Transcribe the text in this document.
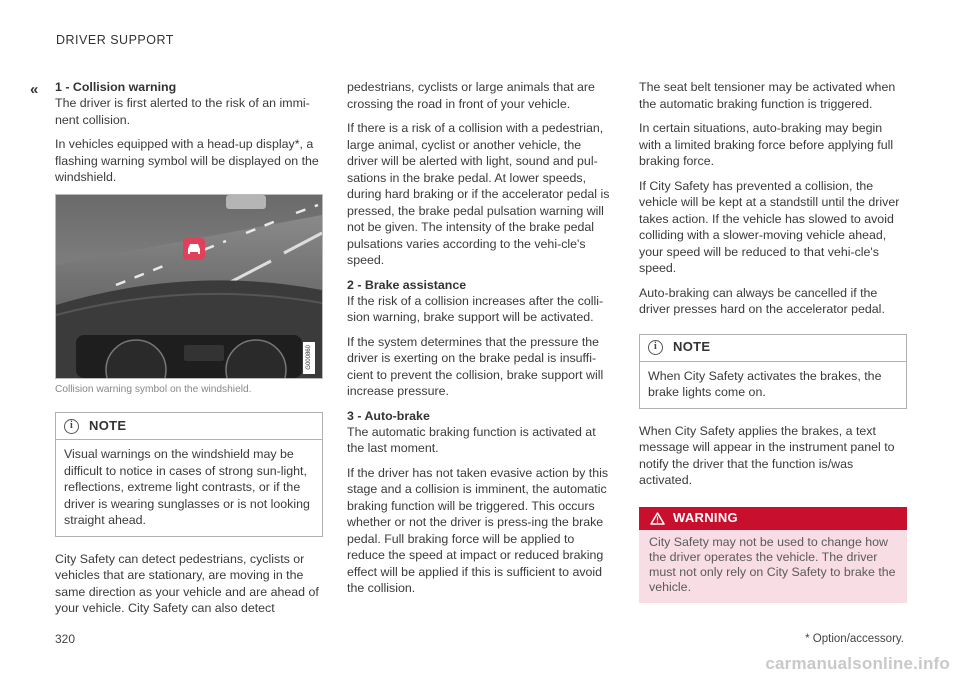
DRIVER SUPPORT
« 1 - Collision warning

The driver is first alerted to the risk of an immi-nent collision.

In vehicles equipped with a head-up display*, a flashing warning symbol will be displayed on the windshield.

G000860
Collision warning symbol on the windshield.
i	NOTE
Visual warnings on the windshield may be difficult to notice in cases of strong sun-light, reflections, extreme light contrasts, or if the driver is wearing sunglasses or is not looking straight ahead.

City Safety can detect pedestrians, cyclists or vehicles that are stationary, are moving in the same direction as your vehicle and are ahead of your vehicle. City Safety can also detect

pedestrians, cyclists or large animals that are crossing the road in front of your vehicle.

If there is a risk of a collision with a pedestrian, large animal, cyclist or another vehicle, the driver will be alerted with light, sound and pul-sations in the brake pedal. At lower speeds, during hard braking or if the accelerator pedal is pressed, the brake pedal pulsation warning will not be given. The intensity of the brake pedal pulsations varies according to the vehi-cle's speed.

2 - Brake assistance

If the risk of a collision increases after the colli-sion warning, brake support will be activated.

If the system determines that the pressure the driver is exerting on the brake pedal is insuffi-cient to prevent the collision, brake support will increase pressure.

3 - Auto-brake

The automatic braking function is activated at the last moment.

If the driver has not taken evasive action by this stage and a collision is imminent, the automatic braking function will be triggered. This occurs whether or not the driver is press-ing the brake pedal. Full braking force will be applied to reduce the speed at impact or reduced braking effect will be applied if this is sufficient to avoid the collision.

The seat belt tensioner may be activated when the automatic braking function is triggered.

In certain situations, auto-braking may begin with a limited braking force before applying full braking force.

If City Safety has prevented a collision, the vehicle will be kept at a standstill until the driver takes action. If the vehicle has slowed to avoid colliding with a slower-moving vehicle ahead, your speed will be reduced to that vehi-cle's speed.

Auto-braking can always be cancelled if the driver presses hard on the accelerator pedal.

i	NOTE
When City Safety activates the brakes, the brake lights come on.

When City Safety applies the brakes, a text message will appear in the instrument panel to notify the driver that the function is/was activated.

WARNING
City Safety may not be used to change how the driver operates the vehicle. The driver must not only rely on City Safety to brake the vehicle.
320	* Option/accessory.
carmanualsonline.info
